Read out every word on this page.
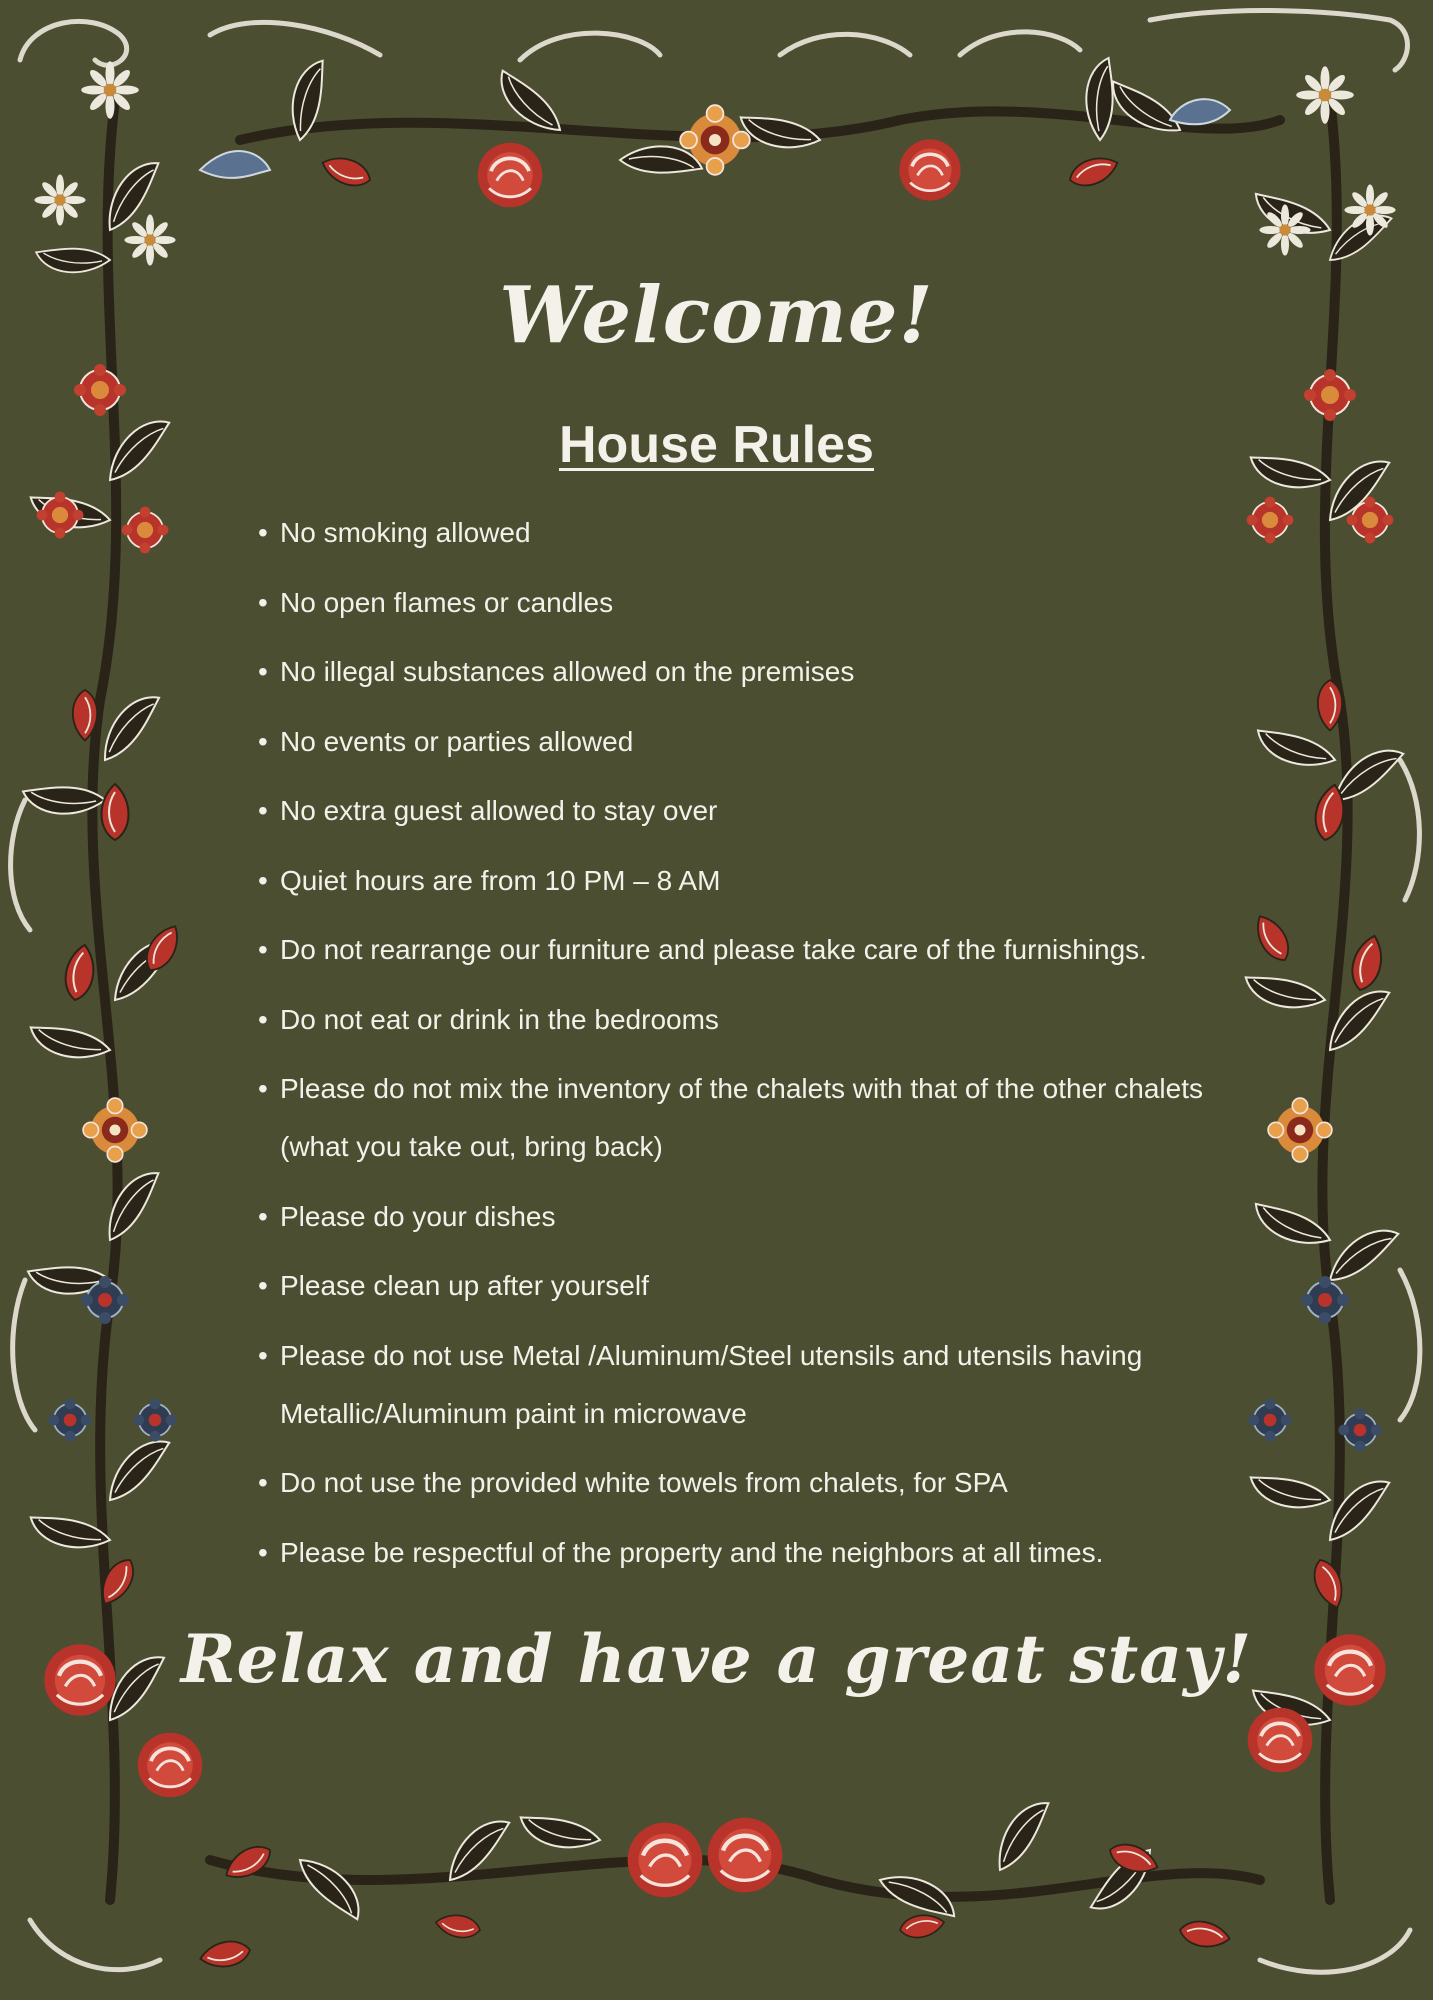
Welcome!
House Rules
• No smoking allowed
• No open flames or candles
• No illegal substances allowed on the premises
• No events or parties allowed
• No extra guest allowed to stay over
• Quiet hours are from 10 PM – 8 AM
• Do not rearrange our furniture and please take care of the furnishings.
• Do not eat or drink in the bedrooms
• Please do not mix the inventory of the chalets with that of the other chalets (what you take out, bring back)
• Please do your dishes
• Please clean up after yourself
• Please do not use Metal /Aluminum/Steel utensils and utensils having Metallic/Aluminum paint in microwave
• Do not use the provided white towels from chalets, for SPA
• Please be respectful of the property and the neighbors at all times.
Relax and have a great stay!
